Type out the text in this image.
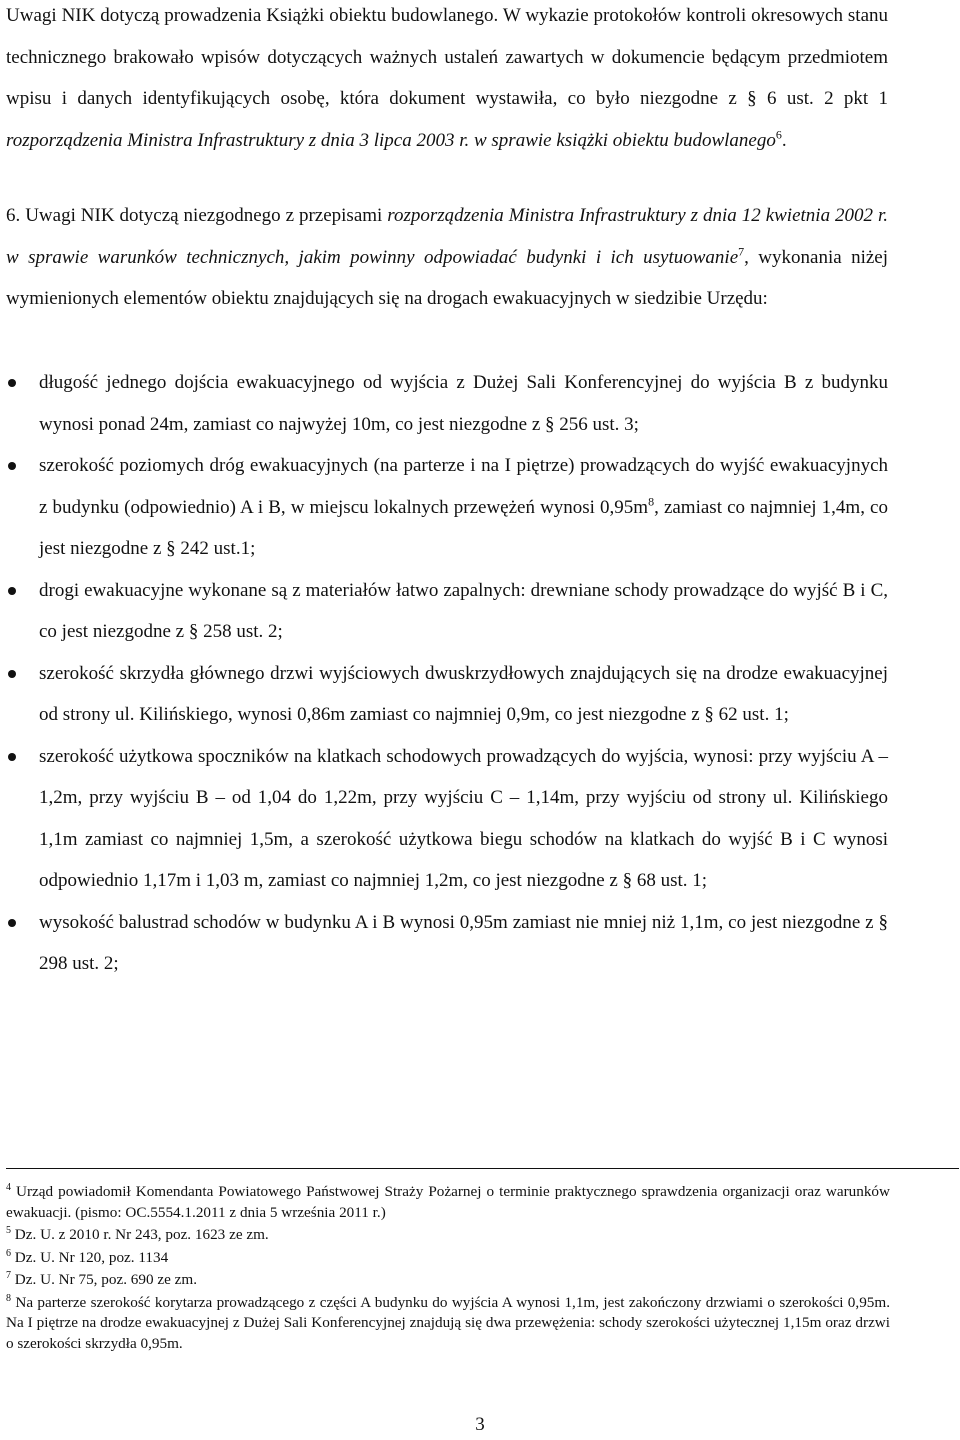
Uwagi NIK dotyczą prowadzenia Książki obiektu budowlanego. W wykazie protokołów kontroli okresowych stanu technicznego brakowało wpisów dotyczących ważnych ustaleń zawartych w dokumencie będącym przedmiotem wpisu i danych identyfikujących osobę, która dokument wystawiła, co było niezgodne z § 6 ust. 2 pkt 1 rozporządzenia Ministra Infrastruktury z dnia 3 lipca 2003 r. w sprawie książki obiektu budowlanego$^6$.
6. Uwagi NIK dotyczą niezgodnego z przepisami rozporządzenia Ministra Infrastruktury z dnia 12 kwietnia 2002 r. w sprawie warunków technicznych, jakim powinny odpowiadać budynki i ich usytuowanie$^7$, wykonania niżej wymienionych elementów obiektu znajdujących się na drogach ewakuacyjnych w siedzibie Urzędu:
długość jednego dojścia ewakuacyjnego od wyjścia z Dużej Sali Konferencyjnej do wyjścia B z budynku wynosi ponad 24m, zamiast co najwyżej 10m, co jest niezgodne z § 256 ust. 3;
szerokość poziomych dróg ewakuacyjnych (na parterze i na I piętrze) prowadzących do wyjść ewakuacyjnych z budynku (odpowiednio) A i B, w miejscu lokalnych przewężeń wynosi $0,95m^8$, zamiast co najmniej 1,4m, co jest niezgodne z § 242 ust.1;
drogi ewakuacyjne wykonane są z materiałów łatwo zapalnych: drewniane schody prowadzące do wyjść B i C, co jest niezgodne z § 258 ust. 2;
szerokość skrzydła głównego drzwi wyjściowych dwuskrzydłowych znajdujących się na drodze ewakuacyjnej od strony ul. Kilińskiego, wynosi 0,86m zamiast co najmniej 0,9m, co jest niezgodne z § 62 ust. 1;
szerokość użytkowa spoczników na klatkach schodowych prowadzących do wyjścia, wynosi: przy wyjściu A – 1,2m, przy wyjściu B – od 1,04 do 1,22m, przy wyjściu C – 1,14m, przy wyjściu od strony ul. Kilińskiego 1,1m zamiast co najmniej 1,5m, a szerokość użytkowa biegu schodów na klatkach do wyjść B i C wynosi odpowiednio 1,17m i 1,03 m, zamiast co najmniej 1,2m, co jest niezgodne z § 68 ust. 1;
wysokość balustrad schodów w budynku A i B wynosi 0,95m zamiast nie mniej niż 1,1m, co jest niezgodne z § 298 ust. 2;

$^4$ Urząd powiadomił Komendanta Powiatowego Państwowej Straży Pożarnej o terminie praktycznego sprawdzenia organizacji oraz warunków ewakuacji. (pismo: OC.5554.1.2011 z dnia 5 września 2011 r.)

$^5$ Dz. U. z 2010 r. Nr 243, poz. 1623 ze zm.

$^6$ Dz. U. Nr 120, poz. 1134

$^7$ Dz. U. Nr 75, poz. 690 ze zm.

$^8$ Na parterze szerokość korytarza prowadzącego z części A budynku do wyjścia A wynosi 1,1m, jest zakończony drzwiami o szerokości 0,95m. Na I piętrze na drodze ewakuacyjnej z Dużej Sali Konferencyjnej znajdują się dwa przewężenia: schody szerokości użytecznej 1,15m oraz drzwi o szerokości skrzydła 0,95m.

3
